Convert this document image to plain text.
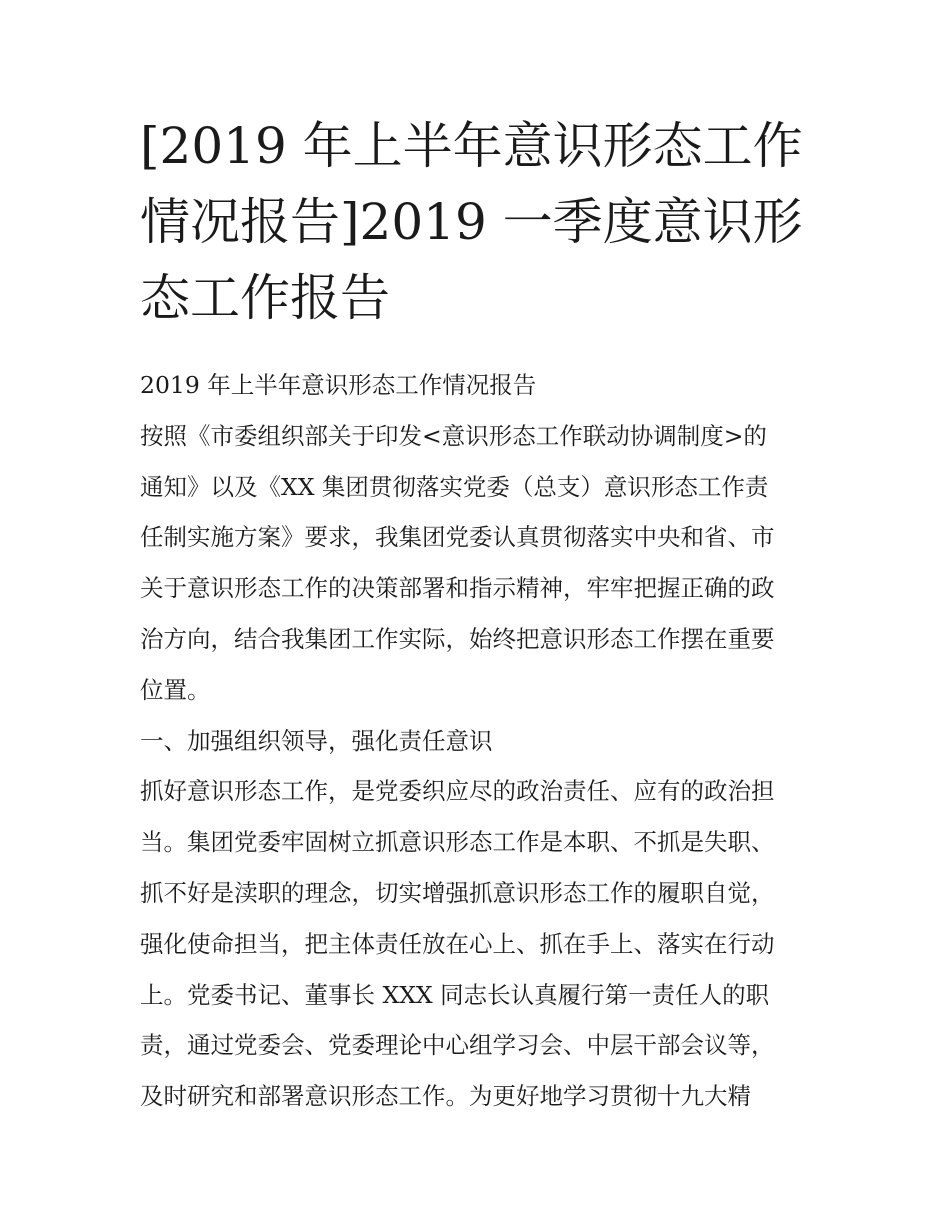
[2019 年上半年意识形态工作
情况报告]2019 一季度意识形
态工作报告
2019 年上半年意识形态工作情况报告
按照《市委组织部关于印发<意识形态工作联动协调制度>的
通知》以及《XX 集团贯彻落实党委（总支）意识形态工作责
任制实施方案》要求，我集团党委认真贯彻落实中央和省、市
关于意识形态工作的决策部署和指示精神，牢牢把握正确的政
治方向，结合我集团工作实际，始终把意识形态工作摆在重要
位置。
一、加强组织领导，强化责任意识
抓好意识形态工作，是党委织应尽的政治责任、应有的政治担
当。集团党委牢固树立抓意识形态工作是本职、不抓是失职、
抓不好是渎职的理念，切实增强抓意识形态工作的履职自觉，
强化使命担当，把主体责任放在心上、抓在手上、落实在行动
上。党委书记、董事长 XXX 同志长认真履行第一责任人的职
责，通过党委会、党委理论中心组学习会、中层干部会议等，
及时研究和部署意识形态工作。为更好地学习贯彻十九大精
